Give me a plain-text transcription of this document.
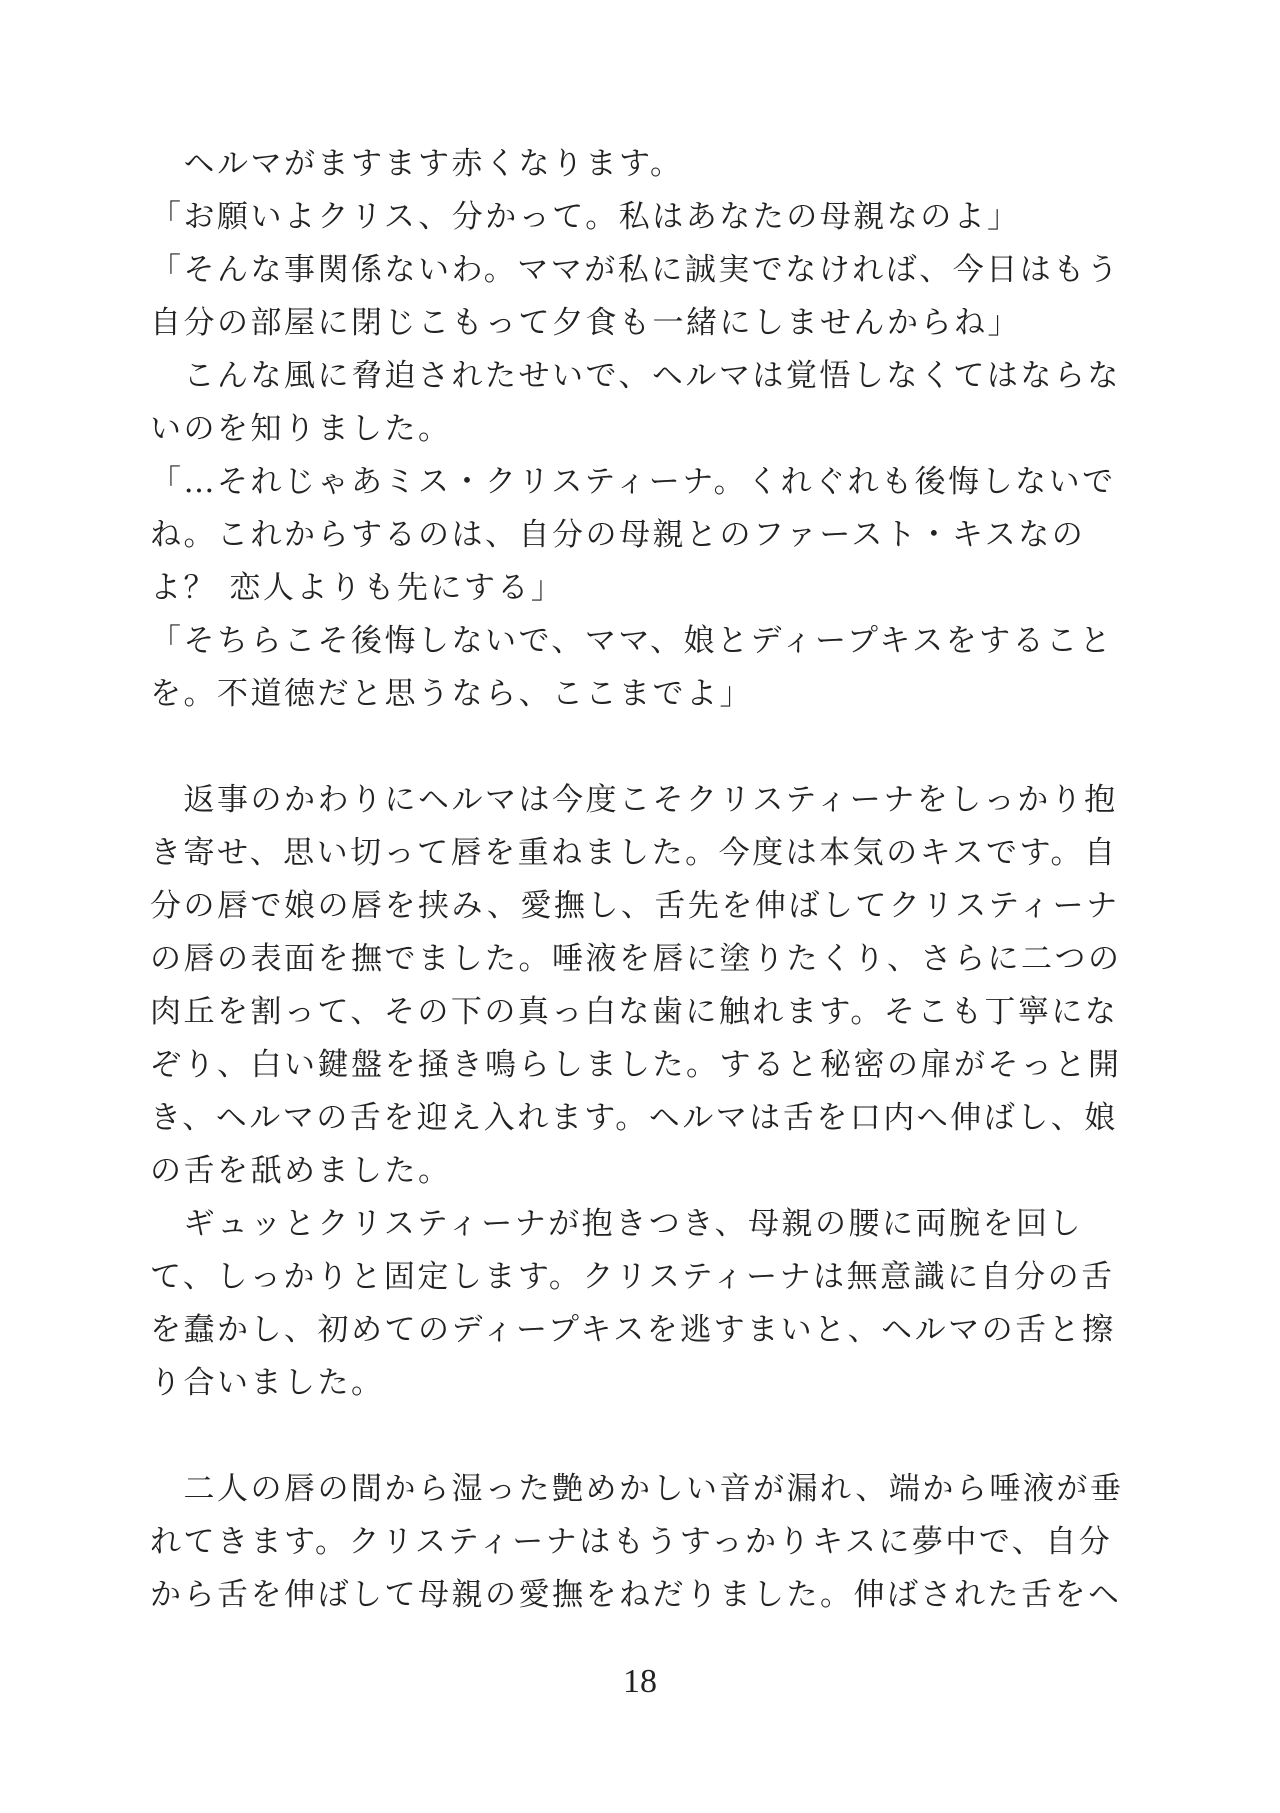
　ヘルマがますます赤くなります。
「お願いよクリス、分かって。私はあなたの母親なのよ」
「そんな事関係ないわ。ママが私に誠実でなければ、今日はもう
自分の部屋に閉じこもって夕食も一緒にしませんからね」
　こんな風に脅迫されたせいで、ヘルマは覚悟しなくてはならな
いのを知りました。
「…それじゃあミス・クリスティーナ。くれぐれも後悔しないで
ね。これからするのは、自分の母親とのファースト・キスなの
よ？ 恋人よりも先にする」
「そちらこそ後悔しないで、ママ、娘とディープキスをすること
を。不道徳だと思うなら、ここまでよ」
　返事のかわりにヘルマは今度こそクリスティーナをしっかり抱
き寄せ、思い切って唇を重ねました。今度は本気のキスです。自
分の唇で娘の唇を挟み、愛撫し、舌先を伸ばしてクリスティーナ
の唇の表面を撫でました。唾液を唇に塗りたくり、さらに二つの
肉丘を割って、その下の真っ白な歯に触れます。そこも丁寧にな
ぞり、白い鍵盤を掻き鳴らしました。すると秘密の扉がそっと開
き、ヘルマの舌を迎え入れます。ヘルマは舌を口内へ伸ばし、娘
の舌を舐めました。
　ギュッとクリスティーナが抱きつき、母親の腰に両腕を回し
て、しっかりと固定します。クリスティーナは無意識に自分の舌
を蠢かし、初めてのディープキスを逃すまいと、ヘルマの舌と擦
り合いました。
　二人の唇の間から湿った艶めかしい音が漏れ、端から唾液が垂
れてきます。クリスティーナはもうすっかりキスに夢中で、自分
から舌を伸ばして母親の愛撫をねだりました。伸ばされた舌をヘ
18
